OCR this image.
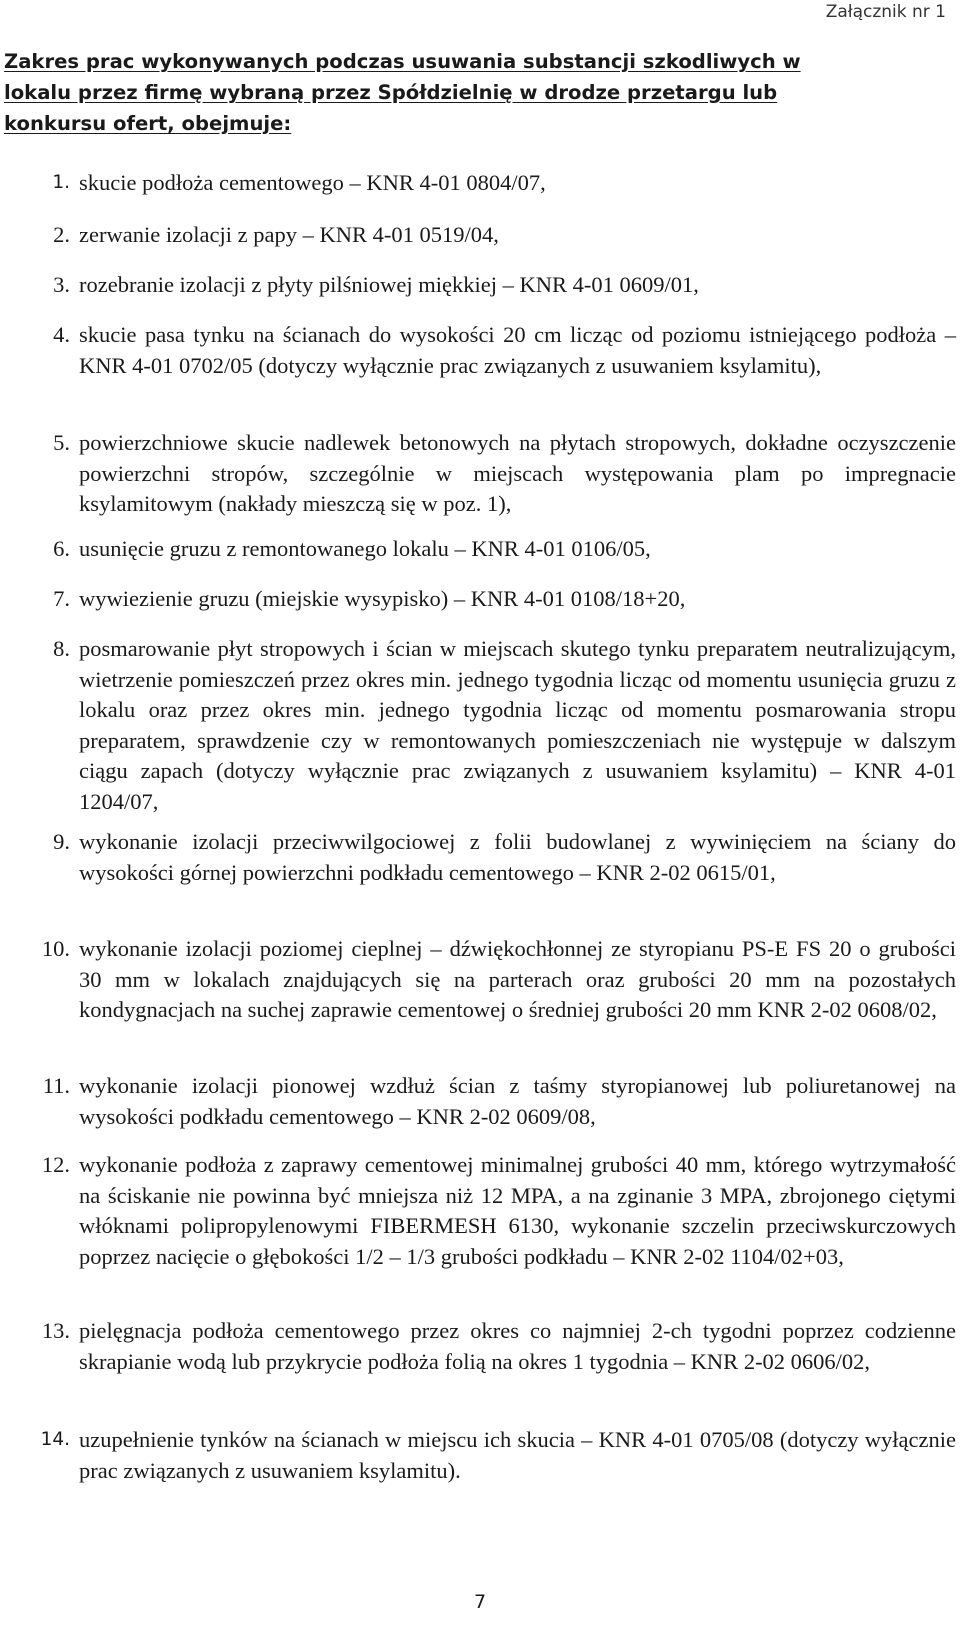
Załącznik nr 1
Zakres prac wykonywanych podczas usuwania substancji szkodliwych w lokalu przez firmę wybraną przez Spółdzielnię w drodze przetargu lub konkursu ofert, obejmuje:
1. skucie podłoża cementowego – KNR 4-01 0804/07,
2. zerwanie izolacji z papy – KNR 4-01 0519/04,
3. rozebranie izolacji z płyty pilśniowej miękkiej – KNR 4-01 0609/01,
4. skucie pasa tynku na ścianach do wysokości 20 cm licząc od poziomu istniejącego podłoża – KNR 4-01 0702/05 (dotyczy wyłącznie prac związanych z usuwaniem ksylamitu),
5. powierzchniowe skucie nadlewek betonowych na płytach stropowych, dokładne oczyszczenie powierzchni stropów, szczególnie w miejscach występowania plam po impregnacie ksylamitowym (nakłady mieszczą się w poz. 1),
6. usunięcie gruzu z remontowanego lokalu – KNR 4-01 0106/05,
7. wywiezienie gruzu (miejskie wysypisko) – KNR 4-01 0108/18+20,
8. posmarowanie płyt stropowych i ścian w miejscach skutego tynku preparatem neutralizującym, wietrzenie pomieszczeń przez okres min. jednego tygodnia licząc od momentu usunięcia gruzu z lokalu oraz przez okres min. jednego tygodnia licząc od momentu posmarowania stropu preparatem, sprawdzenie czy w remontowanych pomieszczeniach nie występuje w dalszym ciągu zapach (dotyczy wyłącznie prac związanych z usuwaniem ksylamitu) – KNR 4-01 1204/07,
9. wykonanie izolacji przeciwwilgociowej z folii budowlanej z wywinięciem na ściany do wysokości górnej powierzchni podkładu cementowego – KNR 2-02 0615/01,
10. wykonanie izolacji poziomej cieplnej – dźwiękochłonnej ze styropianu PS-E FS 20 o grubości 30 mm w lokalach znajdujących się na parterach oraz grubości 20 mm na pozostałych kondygnacjach na suchej zaprawie cementowej o średniej grubości 20 mm KNR 2-02 0608/02,
11. wykonanie izolacji pionowej wzdłuż ścian z taśmy styropianowej lub poliuretanowej na wysokości podkładu cementowego – KNR 2-02 0609/08,
12. wykonanie podłoża z zaprawy cementowej minimalnej grubości 40 mm, którego wytrzymałość na ściskanie nie powinna być mniejsza niż 12 MPA, a na zginanie 3 MPA, zbrojonego ciętymi włóknami polipropylenowymi FIBERMESH 6130, wykonanie szczelin przeciwskurczowych poprzez nacięcie o głębokości 1/2 – 1/3 grubości podkładu – KNR 2-02 1104/02+03,
13. pielęgnacja podłoża cementowego przez okres co najmniej 2-ch tygodni poprzez codzienne skrapianie wodą lub przykrycie podłoża folią na okres 1 tygodnia – KNR 2-02 0606/02,
14. uzupełnienie tynków na ścianach w miejscu ich skucia – KNR 4-01 0705/08 (dotyczy wyłącznie prac związanych z usuwaniem ksylamitu).
7
